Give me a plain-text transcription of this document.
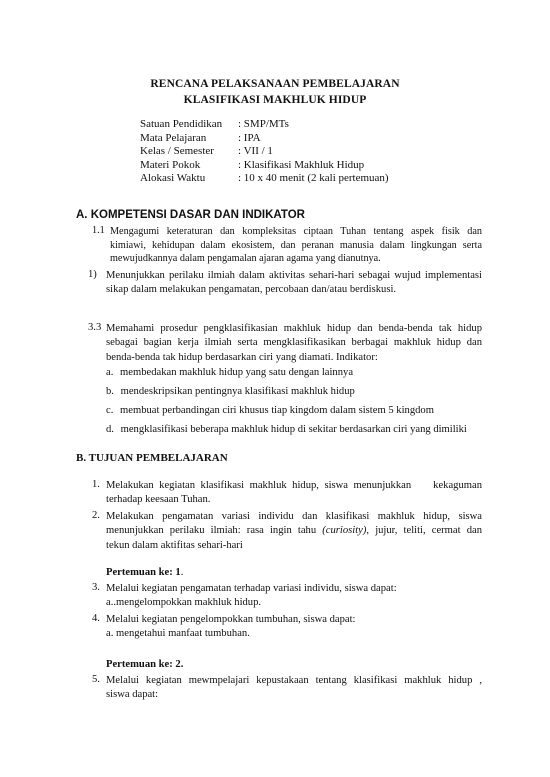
RENCANA PELAKSANAAN PEMBELAJARAN
KLASIFIKASI MAKHLUK HIDUP
Satuan Pendidikan	: SMP/MTs
Mata Pelajaran	: IPA
Kelas / Semester	: VII / 1
Materi Pokok	: Klasifikasi Makhluk Hidup
Alokasi Waktu	: 10 x 40 menit (2 kali pertemuan)
A. KOMPETENSI DASAR DAN INDIKATOR
1.1 Mengagumi keteraturan dan kompleksitas ciptaan Tuhan tentang aspek fisik dan
kimiawi, kehidupan dalam ekosistem, dan peranan manusia dalam lingkungan serta
mewujudkannya dalam pengamalan ajaran agama yang dianutnya.
1) Menunjukkan perilaku ilmiah dalam aktivitas sehari-hari sebagai wujud implementasi
sikap dalam melakukan pengamatan, percobaan dan/atau berdiskusi.
3.3 Memahami prosedur pengklasifikasian makhluk hidup dan benda-benda tak hidup
sebagai bagian kerja ilmiah serta mengklasifikasikan berbagai makhluk hidup dan
benda-benda tak hidup berdasarkan ciri yang diamati. Indikator:
a. membedakan makhluk hidup yang satu dengan lainnya
b. mendeskripsikan pentingnya klasifikasi makhluk hidup
c. membuat perbandingan ciri khusus tiap kingdom dalam sistem 5 kingdom
d. mengklasifikasi beberapa makhluk hidup di sekitar berdasarkan ciri yang dimiliki
B. TUJUAN PEMBELAJARAN
1. Melakukan kegiatan klasifikasi makhluk hidup, siswa menunjukkan    kekaguman
terhadap keesaan Tuhan.
2. Melakukan pengamatan variasi individu dan klasifikasi makhluk hidup, siswa
menunjukkan perilaku ilmiah: rasa ingin tahu (curiosity), jujur, teliti, cermat dan
tekun dalam aktifitas sehari-hari
Pertemuan ke: 1.
3. Melalui kegiatan pengamatan terhadap variasi individu, siswa dapat:
a..mengelompokkan makhluk hidup.
4. Melalui kegiatan pengelompokkan tumbuhan, siswa dapat:
a. mengetahui manfaat tumbuhan.
Pertemuan ke: 2.
5. Melalui kegiatan mewmpelajari kepustakaan tentang klasifikasi makhluk hidup ,
siswa dapat:
